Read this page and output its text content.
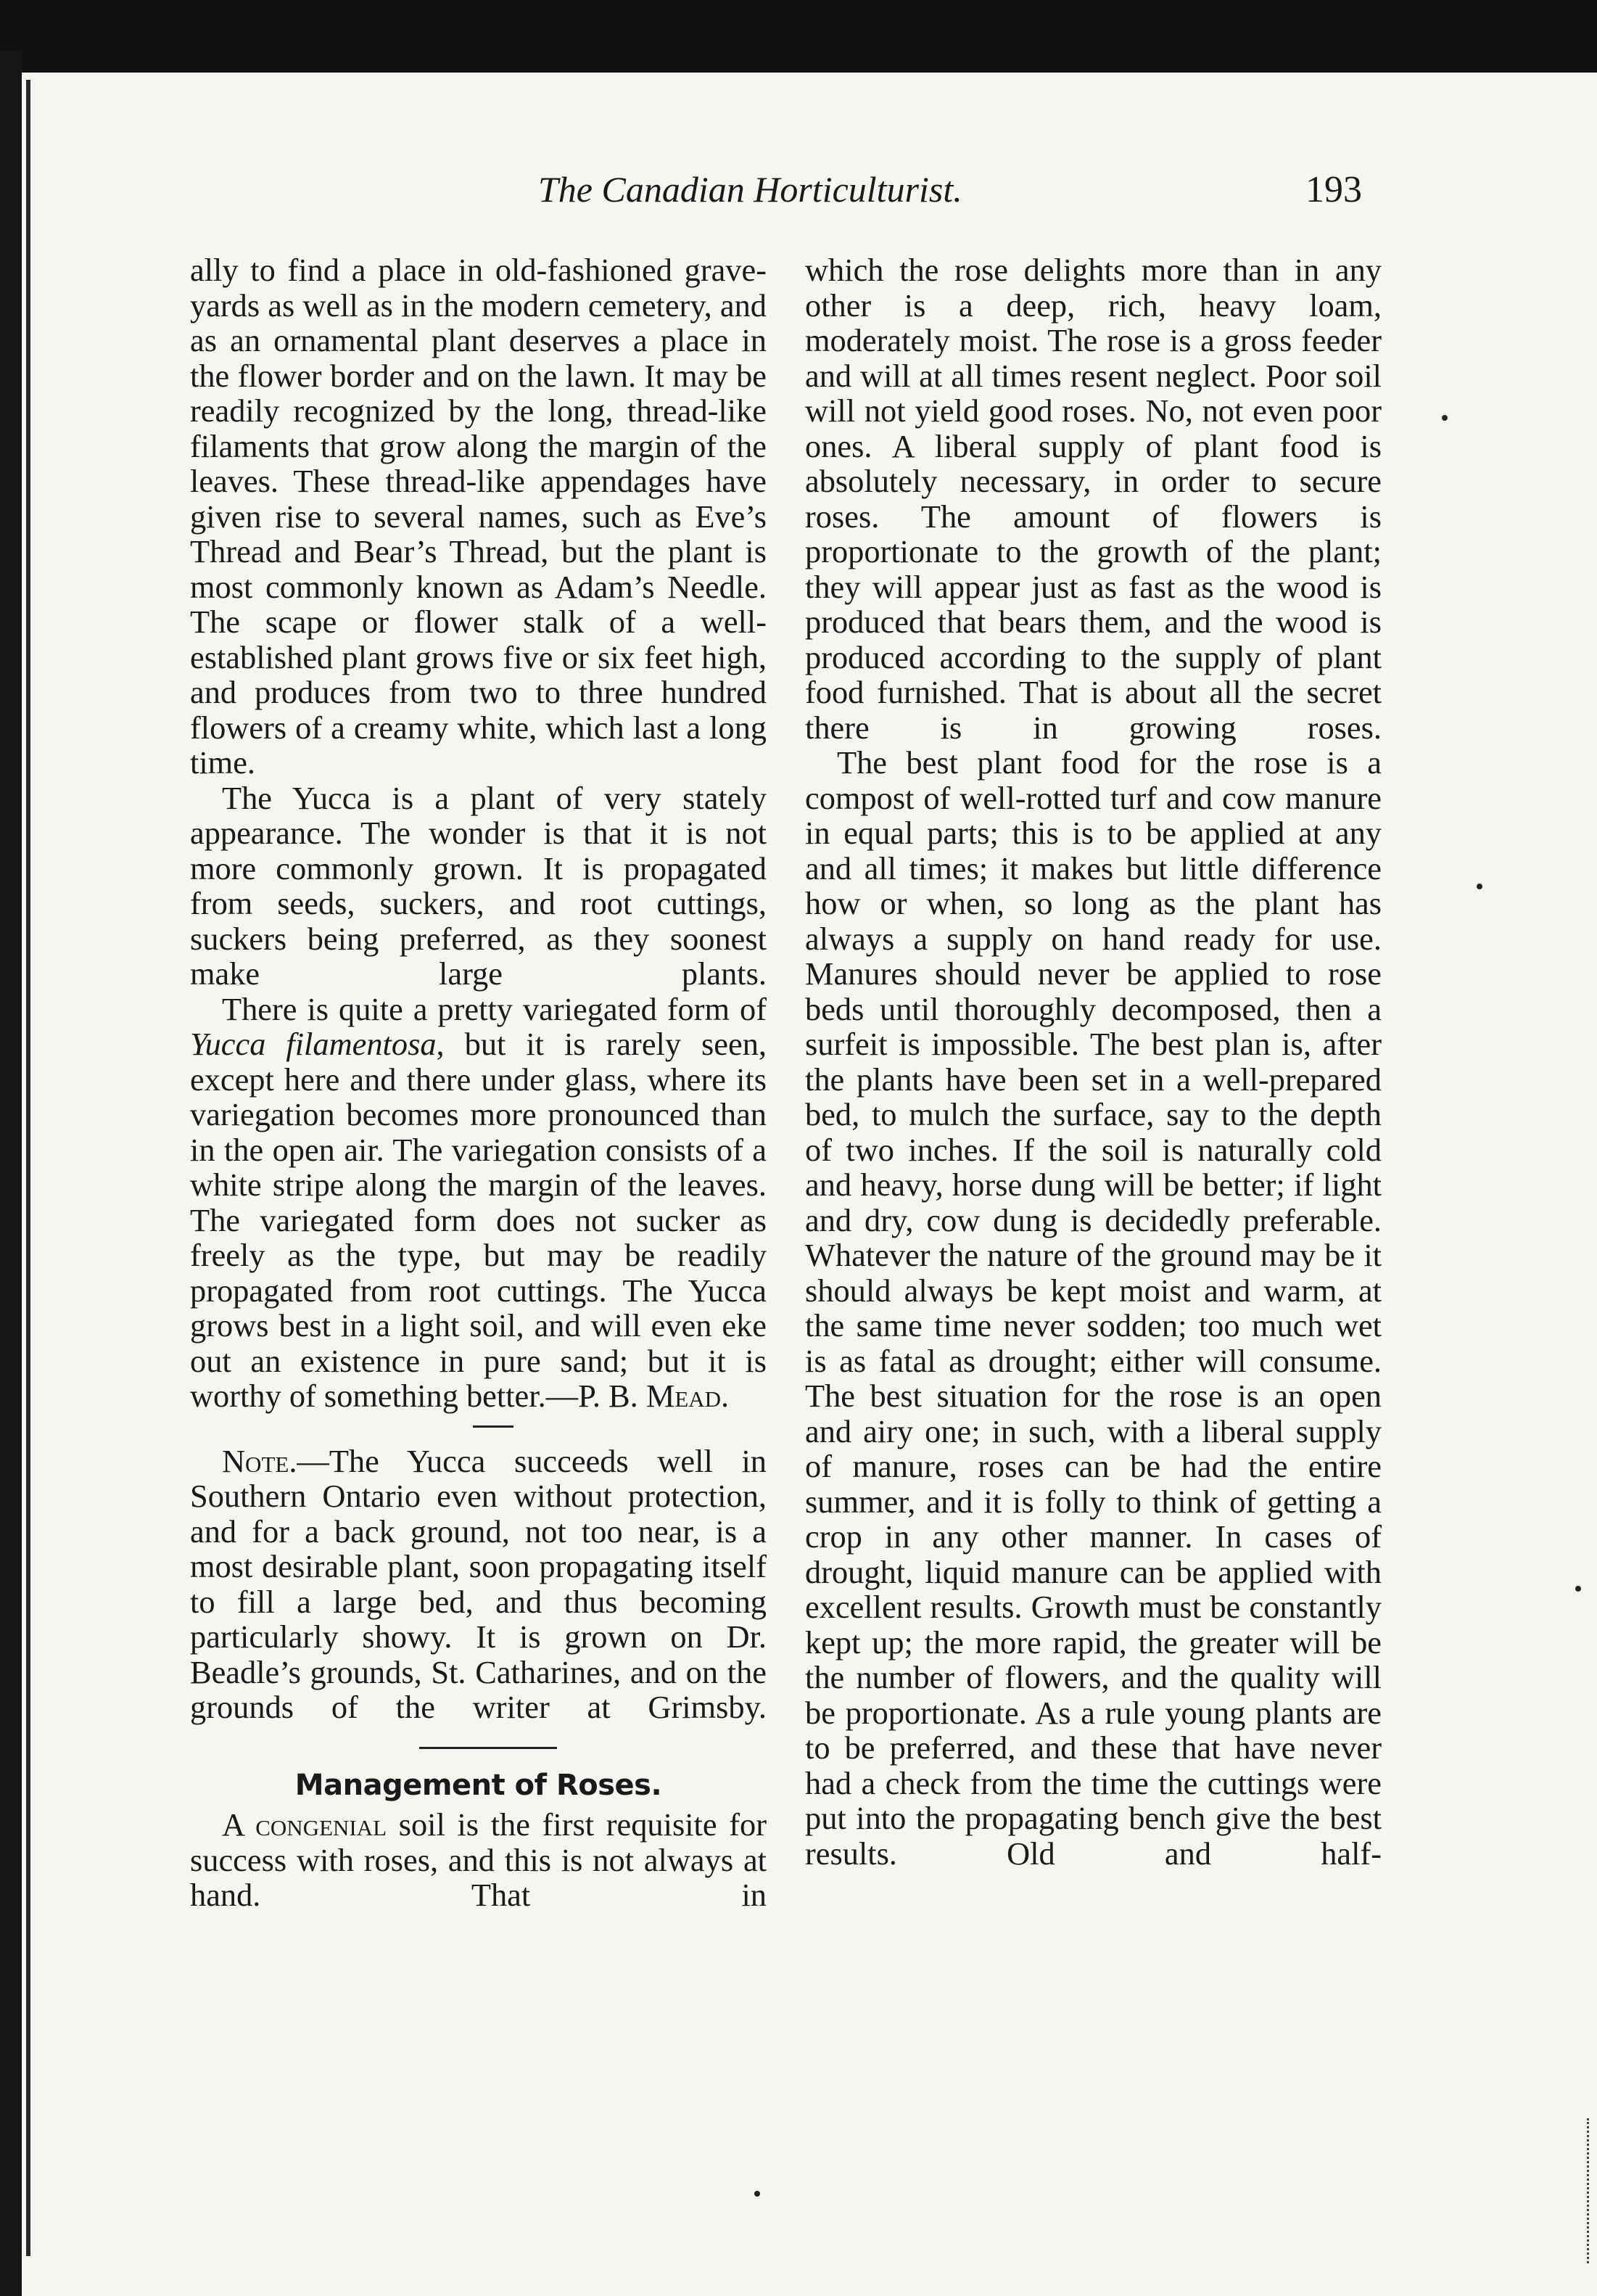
The Canadian Horticulturist.	193

ally to find a place in old-fashioned grave-yards as well as in the modern cemetery, and as an ornamental plant deserves a place in the flower border and on the lawn. It may be readily recognized by the long, thread-like filaments that grow along the margin of the leaves. These thread-like appendages have given rise to several names, such as Eve’s Thread and Bear’s Thread, but the plant is most commonly known as Adam’s Needle. The scape or flower stalk of a well-established plant grows five or six feet high, and produces from two to three hundred flowers of a creamy white, which last a long time.

The Yucca is a plant of very stately appearance. The wonder is that it is not more commonly grown. It is propagated from seeds, suckers, and root cuttings, suckers being preferred, as they soonest make large plants.

There is quite a pretty variegated form of Yucca filamentosa, but it is rarely seen, except here and there under glass, where its variegation becomes more pronounced than in the open air. The variegation consists of a white stripe along the margin of the leaves. The variegated form does not sucker as freely as the type, but may be readily propagated from root cuttings. The Yucca grows best in a light soil, and will even eke out an existence in pure sand; but it is worthy of something better.—P. B. Mead.

Note.—The Yucca succeeds well in Southern Ontario even without protection, and for a back ground, not too near, is a most desirable plant, soon propagating itself to fill a large bed, and thus becoming particularly showy. It is grown on Dr. Beadle’s grounds, St. Catharines, and on the grounds of the writer at Grimsby.

Management of Roses.

A congenial soil is the first requisite for success with roses, and this is not always at hand. That in

which the rose delights more than in any other is a deep, rich, heavy loam, moderately moist. The rose is a gross feeder and will at all times resent neglect. Poor soil will not yield good roses. No, not even poor ones. A liberal supply of plant food is absolutely necessary, in order to secure roses. The amount of flowers is proportionate to the growth of the plant; they will appear just as fast as the wood is produced that bears them, and the wood is produced according to the supply of plant food furnished. That is about all the secret there is in growing roses.

The best plant food for the rose is a compost of well-rotted turf and cow manure in equal parts; this is to be applied at any and all times; it makes but little difference how or when, so long as the plant has always a supply on hand ready for use. Manures should never be applied to rose beds until thoroughly decomposed, then a surfeit is impossible. The best plan is, after the plants have been set in a well-prepared bed, to mulch the surface, say to the depth of two inches. If the soil is naturally cold and heavy, horse dung will be better; if light and dry, cow dung is decidedly preferable. Whatever the nature of the ground may be it should always be kept moist and warm, at the same time never sodden; too much wet is as fatal as drought; either will consume. The best situation for the rose is an open and airy one; in such, with a liberal supply of manure, roses can be had the entire summer, and it is folly to think of getting a crop in any other manner. In cases of drought, liquid manure can be applied with excellent results. Growth must be constantly kept up; the more rapid, the greater will be the number of flowers, and the quality will be proportionate. As a rule young plants are to be preferred, and these that have never had a check from the time the cuttings were put into the propagating bench give the best results. Old and half-
